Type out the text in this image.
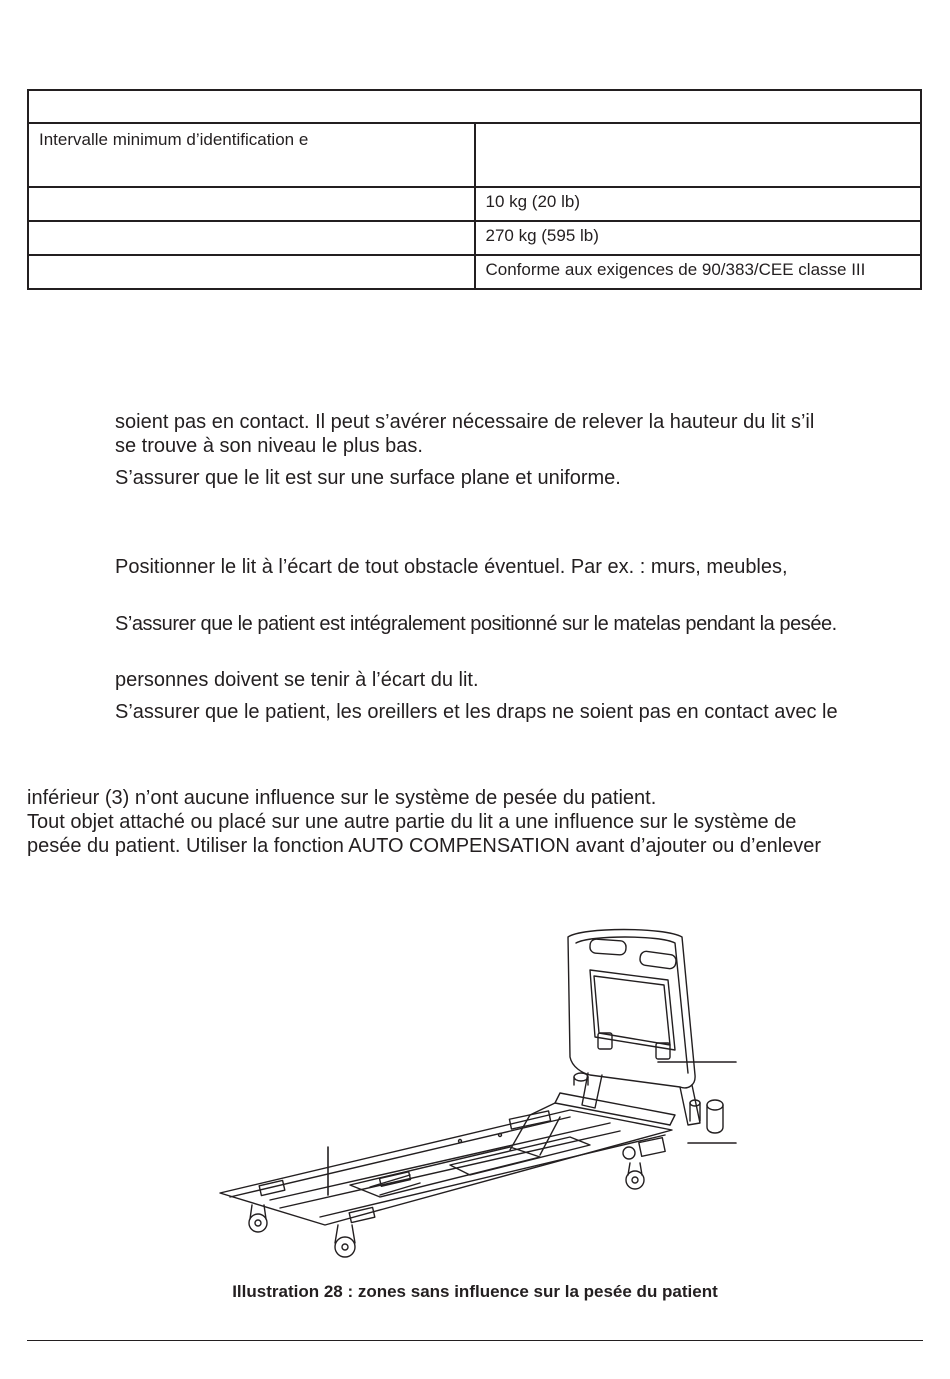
Intervalle minimum d’identification e	
	10 kg (20 lb)
	270 kg (595 lb)
	Conforme aux exigences de 90/383/CEE classe III

soient pas en contact. Il peut s’avérer nécessaire de relever la hauteur du lit s’il

se trouve à son niveau le plus bas.

S’assurer que le lit est sur une surface plane et uniforme.

Positionner le lit à l’écart de tout obstacle éventuel. Par ex. : murs, meubles,

S’assurer que le patient est intégralement positionné sur le matelas pendant la pesée.

personnes doivent se tenir à l’écart du lit.

S’assurer que le patient, les oreillers et les draps ne soient pas en contact avec le

inférieur (3) n’ont aucune influence sur le système de pesée du patient.

Tout objet attaché ou placé sur une autre partie du lit a une influence sur le système de

pesée du patient. Utiliser la fonction AUTO COMPENSATION avant d’ajouter ou d’enlever

Illustration 28 : zones sans influence sur la pesée du patient
